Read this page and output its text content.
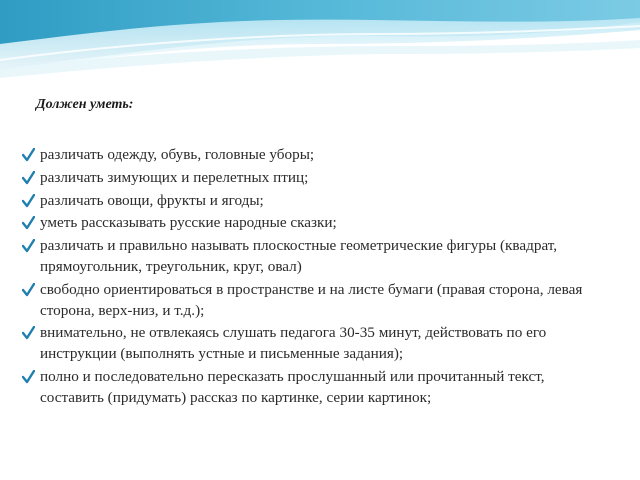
Должен уметь:

различать одежду, обувь, головные уборы;
различать зимующих и перелетных птиц;
различать овощи, фрукты и ягоды;
уметь рассказывать русские народные сказки;
различать и правильно называть плоскостные геометрические фигуры (квадрат, прямоугольник, треугольник, круг, овал)
свободно ориентироваться в пространстве и на листе бумаги (правая сторона, левая сторона, верх-низ, и т.д.);
внимательно, не отвлекаясь слушать педагога 30-35 минут, действовать по его инструкции (выполнять устные и письменные задания);
полно и последовательно пересказать прослушанный или прочитанный текст, составить (придумать) рассказ по картинке, серии картинок;
